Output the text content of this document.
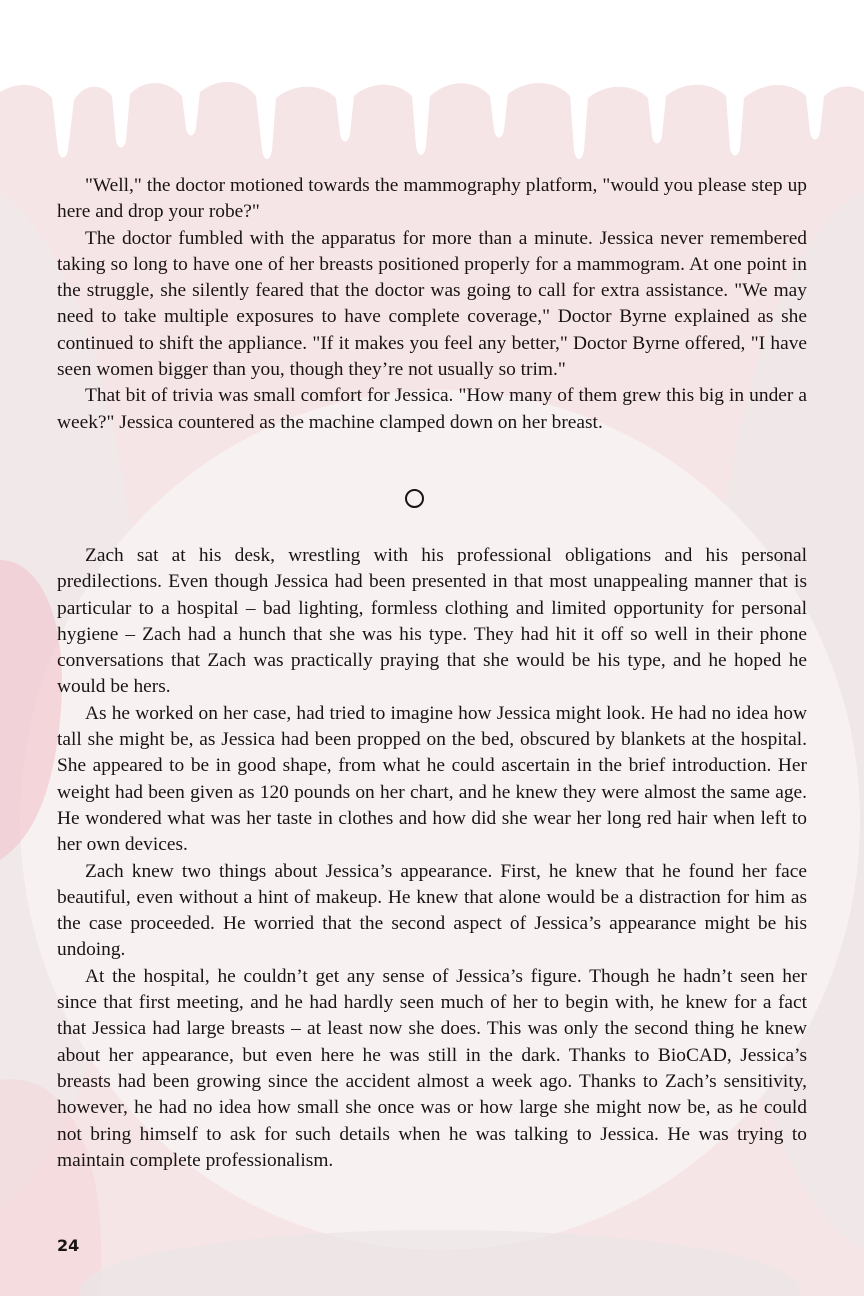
"Well," the doctor motioned towards the mammography platform, "would you please step up here and drop your robe?"

The doctor fumbled with the apparatus for more than a minute. Jessica never remembered taking so long to have one of her breasts positioned properly for a mammogram. At one point in the struggle, she silently feared that the doctor was going to call for extra assistance. "We may need to take multiple exposures to have complete coverage," Doctor Byrne explained as she continued to shift the appliance. "If it makes you feel any better," Doctor Byrne offered, "I have seen women bigger than you, though they’re not usually so trim."

That bit of trivia was small comfort for Jessica. "How many of them grew this big in under a week?" Jessica countered as the machine clamped down on her breast.

Zach sat at his desk, wrestling with his professional obligations and his personal predilections. Even though Jessica had been presented in that most unappealing manner that is particular to a hospital – bad lighting, formless clothing and limited opportunity for personal hygiene – Zach had a hunch that she was his type. They had hit it off so well in their phone conversations that Zach was practically praying that she would be his type, and he hoped he would be hers.

As he worked on her case, had tried to imagine how Jessica might look. He had no idea how tall she might be, as Jessica had been propped on the bed, obscured by blankets at the hospital. She appeared to be in good shape, from what he could ascertain in the brief introduction. Her weight had been given as 120 pounds on her chart, and he knew they were almost the same age. He wondered what was her taste in clothes and how did she wear her long red hair when left to her own devices.

Zach knew two things about Jessica’s appearance. First, he knew that he found her face beautiful, even without a hint of makeup. He knew that alone would be a distraction for him as the case proceeded. He worried that the second aspect of Jessica’s appearance might be his undoing.

At the hospital, he couldn’t get any sense of Jessica’s figure. Though he hadn’t seen her since that first meeting, and he had hardly seen much of her to begin with, he knew for a fact that Jessica had large breasts – at least now she does. This was only the second thing he knew about her appearance, but even here he was still in the dark. Thanks to BioCAD, Jessica’s breasts had been growing since the accident almost a week ago. Thanks to Zach’s sensitivity, however, he had no idea how small she once was or how large she might now be, as he could not bring himself to ask for such details when he was talking to Jessica. He was trying to maintain complete professionalism.

24
